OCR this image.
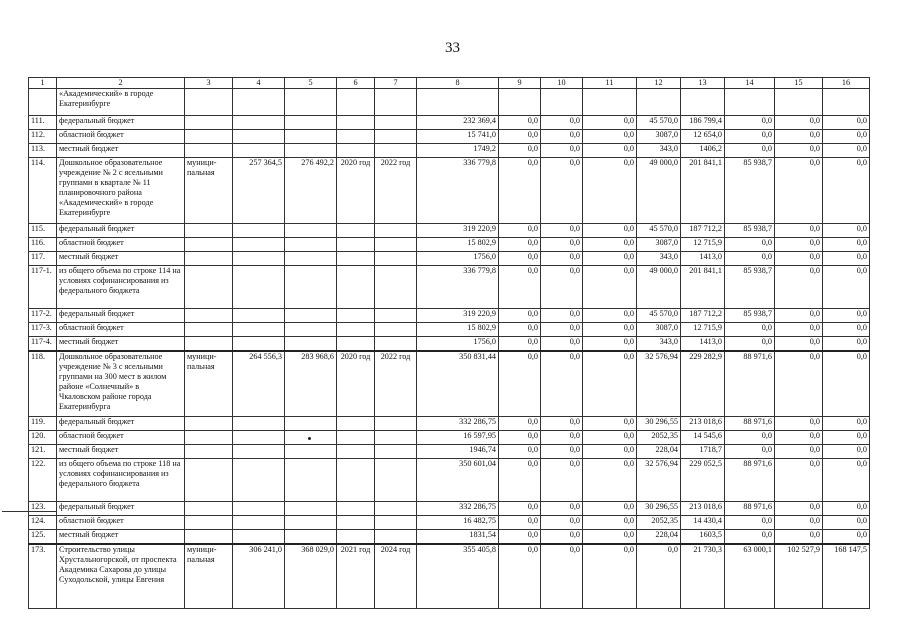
33
1	2	3	4	5	6	7	8	9	10	11	12	13	14	15	16
	«Академический» в городе Екатеринбурге														
111.	федеральный бюджет						232 369,4	0,0	0,0	0,0	45 570,0	186 799,4	0,0	0,0	0,0
112.	областной бюджет						15 741,0	0,0	0,0	0,0	3087,0	12 654,0	0,0	0,0	0,0
113.	местный бюджет						1749,2	0,0	0,0	0,0	343,0	1406,2	0,0	0,0	0,0
114.	Дошкольное образовательное учреждение № 2 с ясельными группами в квартале № 11 планировочного района «Академический» в городе Екатеринбурге	муници-пальная	257 364,5	276 492,2	2020 год	2022 год	336 779,8	0,0	0,0	0,0	49 000,0	201 841,1	85 938,7	0,0	0,0
115.	федеральный бюджет						319 220,9	0,0	0,0	0,0	45 570,0	187 712,2	85 938,7	0,0	0,0
116.	областной бюджет						15 802,9	0,0	0,0	0,0	3087,0	12 715,9	0,0	0,0	0,0
117.	местный бюджет						1756,0	0,0	0,0	0,0	343,0	1413,0	0,0	0,0	0,0
117-1.	из общего объема по строке 114 на условиях софинансирования из федерального бюджета						336 779,8	0,0	0,0	0,0	49 000,0	201 841,1	85 938,7	0,0	0,0
117-2.	федеральный бюджет						319 220,9	0,0	0,0	0,0	45 570,0	187 712,2	85 938,7	0,0	0,0
117-3.	областной бюджет						15 802,9	0,0	0,0	0,0	3087,0	12 715,9	0,0	0,0	0,0
117-4.	местный бюджет						1756,0	0,0	0,0	0,0	343,0	1413,0	0,0	0,0	0,0
118.	Дошкольное образовательное учреждение № 3 с ясельными группами на 300 мест в жилом районе «Солнечный» в Чкаловском районе города Екатеринбурга	муници-пальная	264 556,3	283 968,6	2020 год	2022 год	350 831,44	0,0	0,0	0,0	32 576,94	229 282,9	88 971,6	0,0	0,0
119.	федеральный бюджет						332 286,75	0,0	0,0	0,0	30 296,55	213 018,6	88 971,6	0,0	0,0
120.	областной бюджет						16 597,95	0,0	0,0	0,0	2052,35	14 545,6	0,0	0,0	0,0
121.	местный бюджет						1946,74	0,0	0,0	0,0	228,04	1718,7	0,0	0,0	0,0
122.	из общего объема по строке 118 на условиях софинансирования из федерального бюджета						350 601,04	0,0	0,0	0,0	32 576,94	229 052,5	88 971,6	0,0	0,0
123.	федеральный бюджет						332 286,75	0,0	0,0	0,0	30 296,55	213 018,6	88 971,6	0,0	0,0
124.	областной бюджет						16 482,75	0,0	0,0	0,0	2052,35	14 430,4	0,0	0,0	0,0
125.	местный бюджет						1831,54	0,0	0,0	0,0	228,04	1603,5	0,0	0,0	0,0
173.	Строительство улицы Хрустальногорской, от проспекта Академика Сахарова до улицы Суходольской, улицы Евгения	муници-пальная	306 241,0	368 029,0	2021 год	2024 год	355 405,8	0,0	0,0	0,0	0,0	21 730,3	63 000,1	102 527,9	168 147,5
